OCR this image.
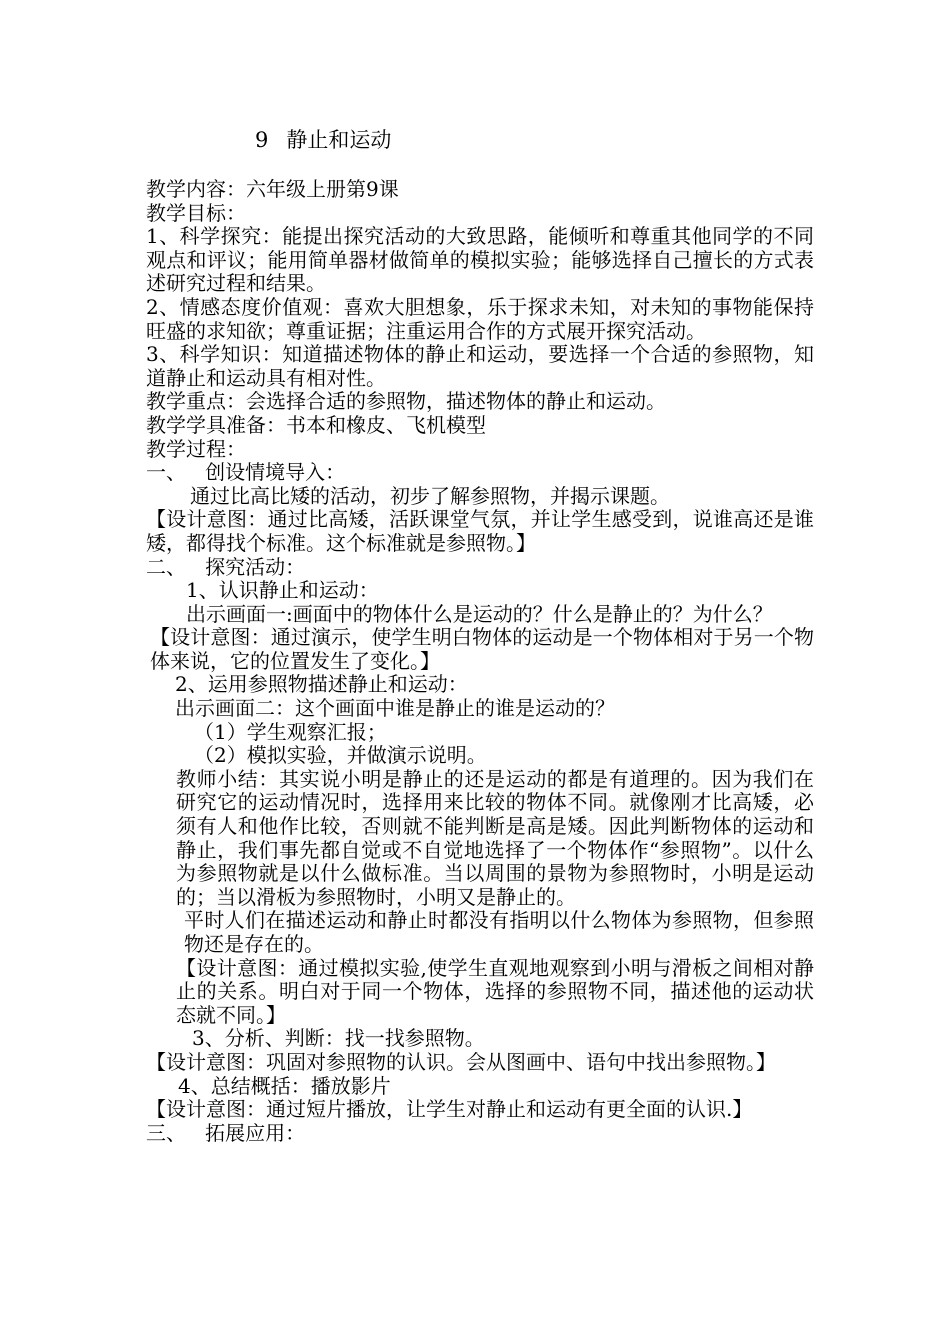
9 静止和运动

教学内容：六年级上册第9课

教学目标：

1、科学探究：能提出探究活动的大致思路，能倾听和尊重其他同学的不同观点和评议；能用简单器材做简单的模拟实验；能够选择自己擅长的方式表述研究过程和结果。

2、情感态度价值观：喜欢大胆想象，乐于探求未知，对未知的事物能保持旺盛的求知欲；尊重证据；注重运用合作的方式展开探究活动。

3、科学知识：知道描述物体的静止和运动，要选择一个合适的参照物，知道静止和运动具有相对性。

教学重点：会选择合适的参照物，描述物体的静止和运动。

教学学具准备：书本和橡皮、飞机模型

教学过程：

一、   创设情境导入：

通过比高比矮的活动，初步了解参照物，并揭示课题。

【设计意图：通过比高矮，活跃课堂气氛，并让学生感受到，说谁高还是谁矮，都得找个标准。这个标准就是参照物。】

二、   探究活动：

1、认识静止和运动：

出示画面一:画面中的物体什么是运动的？什么是静止的？为什么？

【设计意图：通过演示，使学生明白物体的运动是一个物体相对于另一个物体来说，它的位置发生了变化。】

2、运用参照物描述静止和运动：

出示画面二：这个画面中谁是静止的谁是运动的？

（1）学生观察汇报；

（2）模拟实验，并做演示说明。

教师小结：其实说小明是静止的还是运动的都是有道理的。因为我们在研究它的运动情况时，选择用来比较的物体不同。就像刚才比高矮，必须有人和他作比较，否则就不能判断是高是矮。因此判断物体的运动和静止，我们事先都自觉或不自觉地选择了一个物体作“参照物”。以什么为参照物就是以什么做标准。当以周围的景物为参照物时，小明是运动的；当以滑板为参照物时，小明又是静止的。

平时人们在描述运动和静止时都没有指明以什么物体为参照物，但参照物还是存在的。

【设计意图：通过模拟实验,使学生直观地观察到小明与滑板之间相对静止的关系。明白对于同一个物体，选择的参照物不同，描述他的运动状态就不同。】

3、分析、判断：找一找参照物。

【设计意图：巩固对参照物的认识。会从图画中、语句中找出参照物。】

4、总结概括：播放影片

【设计意图：通过短片播放，让学生对静止和运动有更全面的认识.】

三、   拓展应用：
